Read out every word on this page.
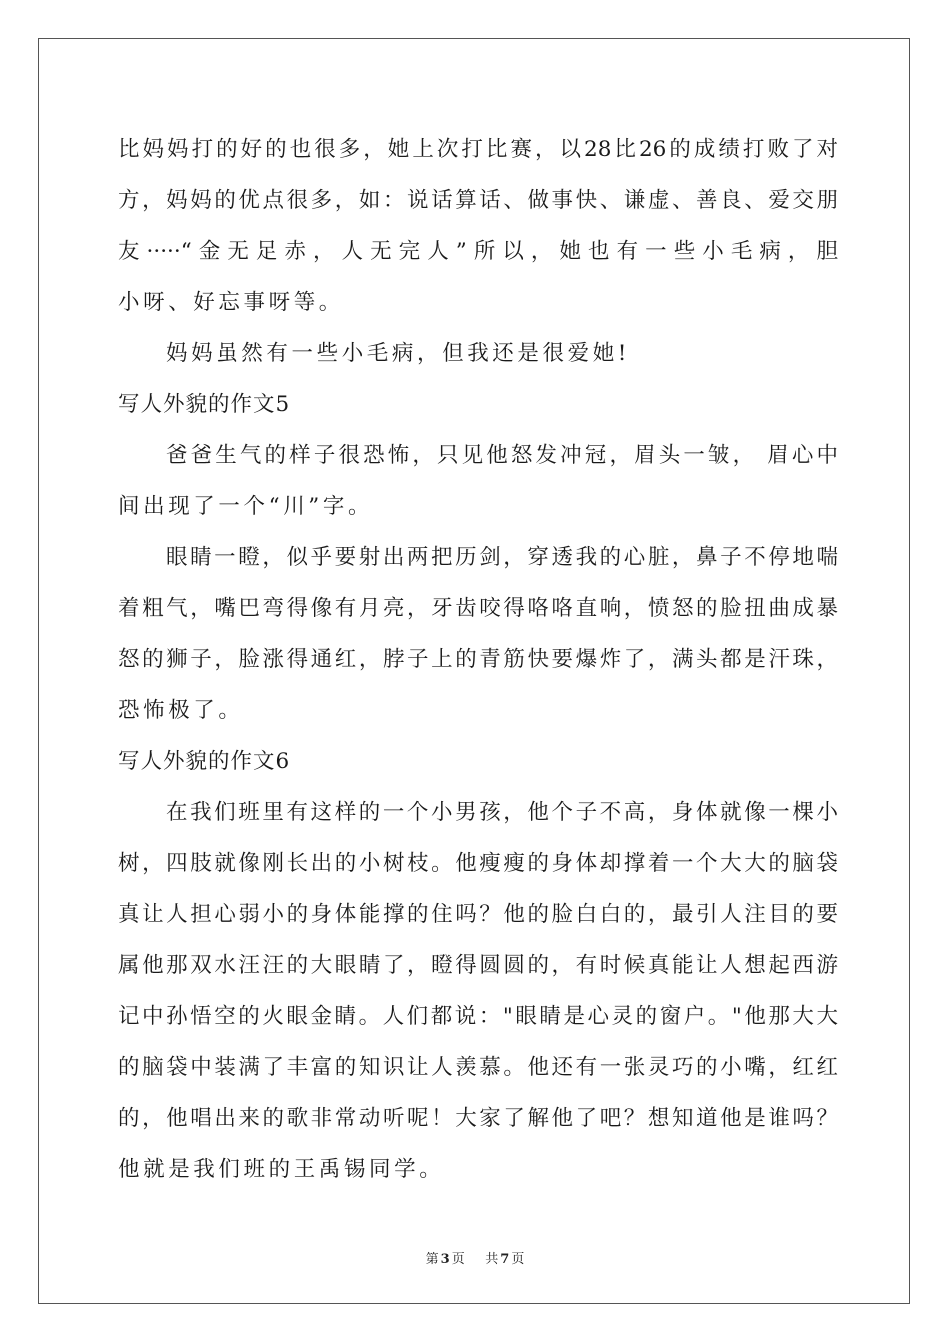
比妈妈打的好的也很多，她上次打比赛，以28比26的成绩打败了对
方，妈妈的优点很多，如：说话算话、做事快、谦虚、善良、爱交朋
友·····“金无足赤，人无完人”所以，她也有一些小毛病，胆
小呀、好忘事呀等。
妈妈虽然有一些小毛病，但我还是很爱她!
写人外貌的作文5
爸爸生气的样子很恐怖，只见他怒发冲冠，眉头一皱， 眉心中
间出现了一个“川”字。
眼睛一瞪，似乎要射出两把历剑，穿透我的心脏，鼻子不停地喘
着粗气，嘴巴弯得像有月亮，牙齿咬得咯咯直响，愤怒的脸扭曲成暴
怒的狮子，脸涨得通红，脖子上的青筋快要爆炸了，满头都是汗珠，
恐怖极了。
写人外貌的作文6
在我们班里有这样的一个小男孩，他个子不高，身体就像一棵小
树，四肢就像刚长出的小树枝。他瘦瘦的身体却撑着一个大大的脑袋
真让人担心弱小的身体能撑的住吗？他的脸白白的，最引人注目的要
属他那双水汪汪的大眼睛了，瞪得圆圆的，有时候真能让人想起西游
记中孙悟空的火眼金睛。人们都说："眼睛是心灵的窗户。"他那大大
的脑袋中装满了丰富的知识让人羡慕。他还有一张灵巧的小嘴，红红
的，他唱出来的歌非常动听呢！大家了解他了吧？想知道他是谁吗？
他就是我们班的王禹锡同学。
第 3 页 共 7 页
